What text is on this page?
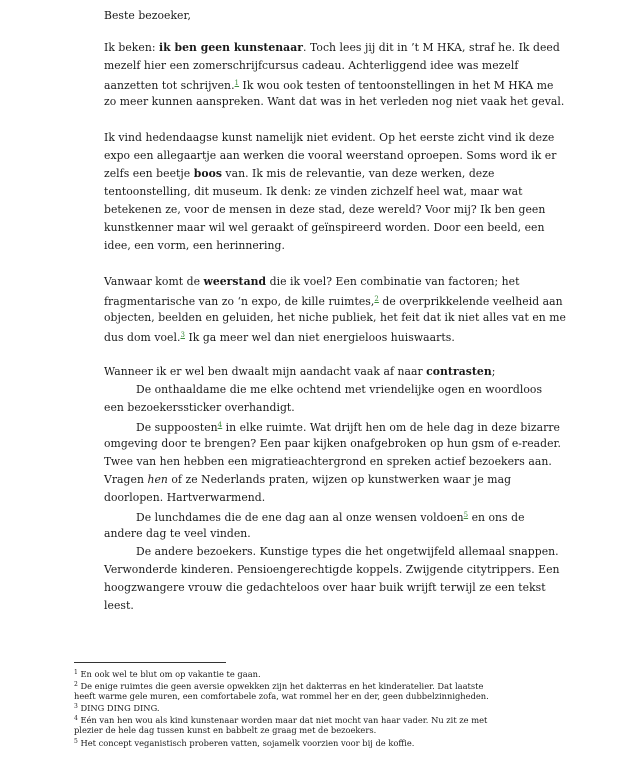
Beste bezoeker,
Ik beken: ik ben geen kunstenaar. Toch lees jij dit in ’t M HKA, straf he. Ik deed
mezelf hier een zomerschrijfcursus cadeau. Achterliggend idee was mezelf
aanzetten tot schrijven.$^1$ Ik wou ook testen of tentoonstellingen in het M HKA me
zo meer kunnen aanspreken. Want dat was in het verleden nog niet vaak het geval.
Ik vind hedendaagse kunst namelijk niet evident. Op het eerste zicht vind ik deze
expo een allegaartje aan werken die vooral weerstand oproepen. Soms word ik er
zelfs een beetje boos van. Ik mis de relevantie, van deze werken, deze
tentoonstelling, dit museum. Ik denk: ze vinden zichzelf heel wat, maar wat
betekenen ze, voor de mensen in deze stad, deze wereld? Voor mij? Ik ben geen
kunstkenner maar wil wel geraakt of geïnspireerd worden. Door een beeld, een
idee, een vorm, een herinnering.
Vanwaar komt de weerstand die ik voel? Een combinatie van factoren; het
fragmentarische van zo ‘n expo, de kille ruimtes,$^2$ de overprikkelende veelheid aan
objecten, beelden en geluiden, het niche publiek, het feit dat ik niet alles vat en me
dus dom voel.$^3$ Ik ga meer wel dan niet energieloos huiswaarts.
Wanneer ik er wel ben dwaalt mijn aandacht vaak af naar contrasten;
De onthaaldame die me elke ochtend met vriendelijke ogen en woordloos
een bezoekerssticker overhandigt.
De suppoosten$^4$ in elke ruimte. Wat drijft hen om de hele dag in deze bizarre
omgeving door te brengen? Een paar kijken onafgebroken op hun gsm of e-reader.
Twee van hen hebben een migratieachtergrond en spreken actief bezoekers aan.
Vragen hen of ze Nederlands praten, wijzen op kunstwerken waar je mag
doorlopen. Hartverwarmend.
De lunchdames die de ene dag aan al onze wensen voldoen$^5$ en ons de
andere dag te veel vinden.
De andere bezoekers. Kunstige types die het ongetwijfeld allemaal snappen.
Verwonderde kinderen. Pensioengerechtigde koppels. Zwijgende citytrippers. Een
hoogzwangere vrouw die gedachteloos over haar buik wrijft terwijl ze een tekst
leest.
$^1$ En ook wel te blut om op vakantie te gaan.
$^2$ De enige ruimtes die geen aversie opwekken zijn het dakterras en het kinderatelier. Dat laatste
heeft warme gele muren, een comfortabele zofa, wat rommel her en der, geen dubbelzinnigheden.
$^3$ DING DING DING.
$^4$ Eén van hen wou als kind kunstenaar worden maar dat niet mocht van haar vader. Nu zit ze met
plezier de hele dag tussen kunst en babbelt ze graag met de bezoekers.
$^5$ Het concept veganistisch proberen vatten, sojamelk voorzien voor bij de koffie.
